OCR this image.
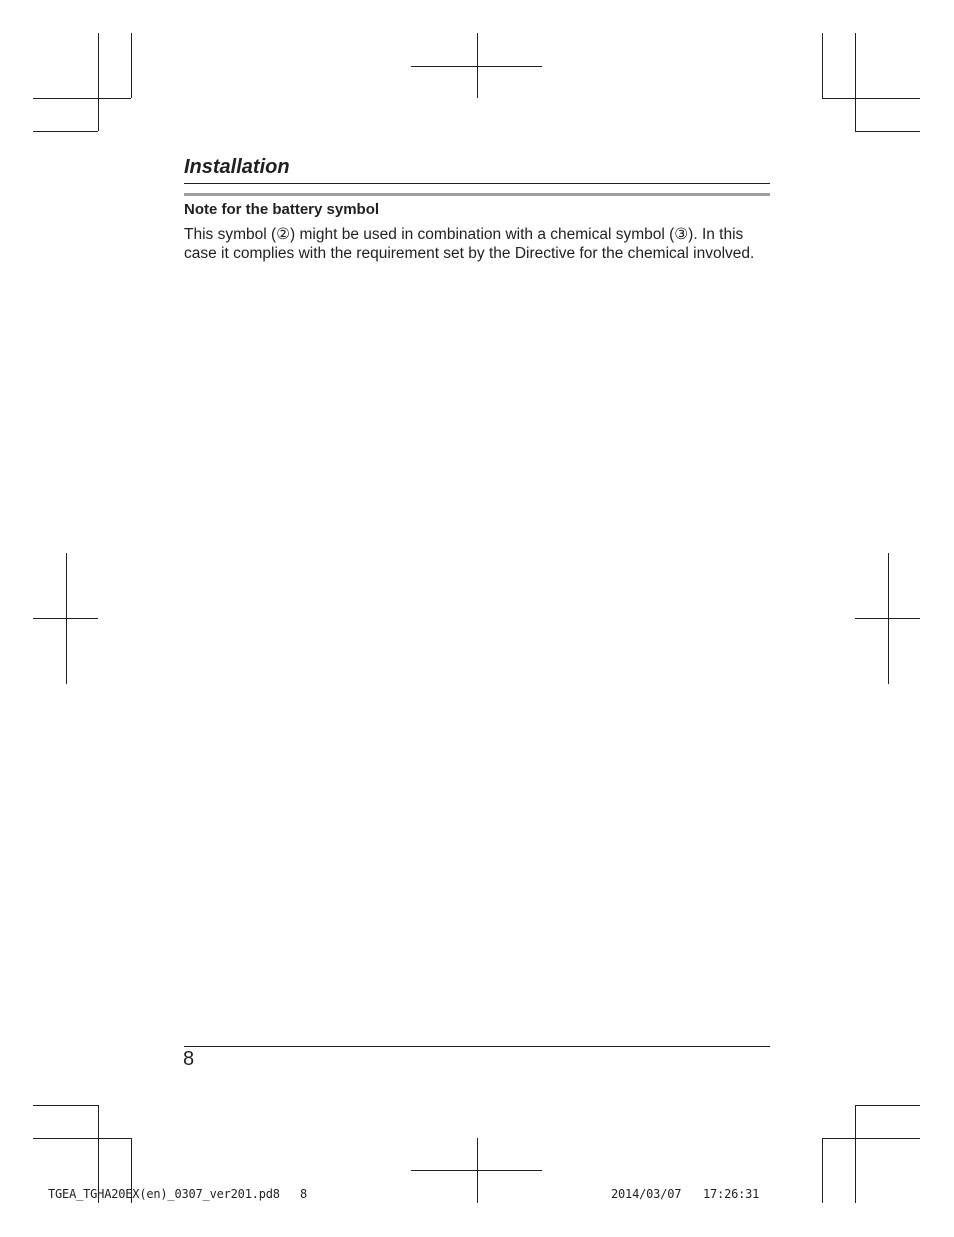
Installation
Note for the battery symbol

This symbol (②) might be used in combination with a chemical symbol (③). In this case it complies with the requirement set by the Directive for the chemical involved.

8
TGEA_TGHA20EX(en)_0307_ver201.pd8 8	2014/03/07 17:26:31
